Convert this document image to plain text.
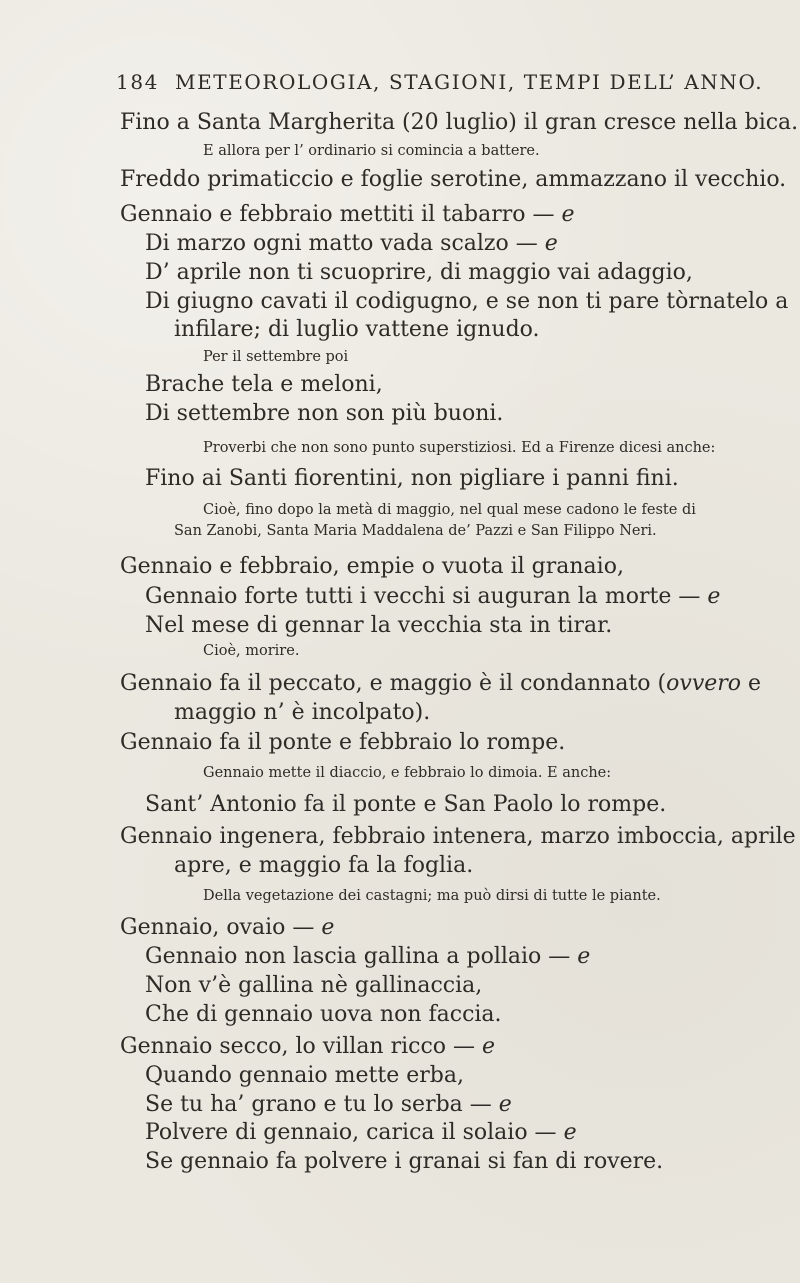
184 METEOROLOGIA, STAGIONI, TEMPI DELL’ ANNO.
Fino a Santa Margherita (20 luglio) il gran cresce nella bica.
E allora per l’ ordinario si comincia a battere.
Freddo primaticcio e foglie serotine, ammazzano il vecchio.
Gennaio e febbraio mettiti il tabarro — e
Di marzo ogni matto vada scalzo — e
D’ aprile non ti scuoprire, di maggio vai adaggio,
Di giugno cavati il codigugno, e se non ti pare tòrnatelo a
infilare; di luglio vattene ignudo.
Per il settembre poi
Brache tela e meloni,
Di settembre non son più buoni.
Proverbi che non sono punto superstiziosi. Ed a Firenze dicesi anche:
Fino ai Santi fiorentini, non pigliare i panni fini.
Cioè, fino dopo la metà di maggio, nel qual mese cadono le feste di
San Zanobi, Santa Maria Maddalena de’ Pazzi e San Filippo Neri.
Gennaio e febbraio, empie o vuota il granaio,
Gennaio forte tutti i vecchi si auguran la morte — e
Nel mese di gennar la vecchia sta in tirar.
Cioè, morire.
Gennaio fa il peccato, e maggio è il condannato (ovvero e
maggio n’ è incolpato).
Gennaio fa il ponte e febbraio lo rompe.
Gennaio mette il diaccio, e febbraio lo dimoia. E anche:
Sant’ Antonio fa il ponte e San Paolo lo rompe.
Gennaio ingenera, febbraio intenera, marzo imboccia, aprile
apre, e maggio fa la foglia.
Della vegetazione dei castagni; ma può dirsi di tutte le piante.
Gennaio, ovaio — e
Gennaio non lascia gallina a pollaio — e
Non v’è gallina nè gallinaccia,
Che di gennaio uova non faccia.
Gennaio secco, lo villan ricco — e
Quando gennaio mette erba,
Se tu ha’ grano e tu lo serba — e
Polvere di gennaio, carica il solaio — e
Se gennaio fa polvere i granai si fan di rovere.
